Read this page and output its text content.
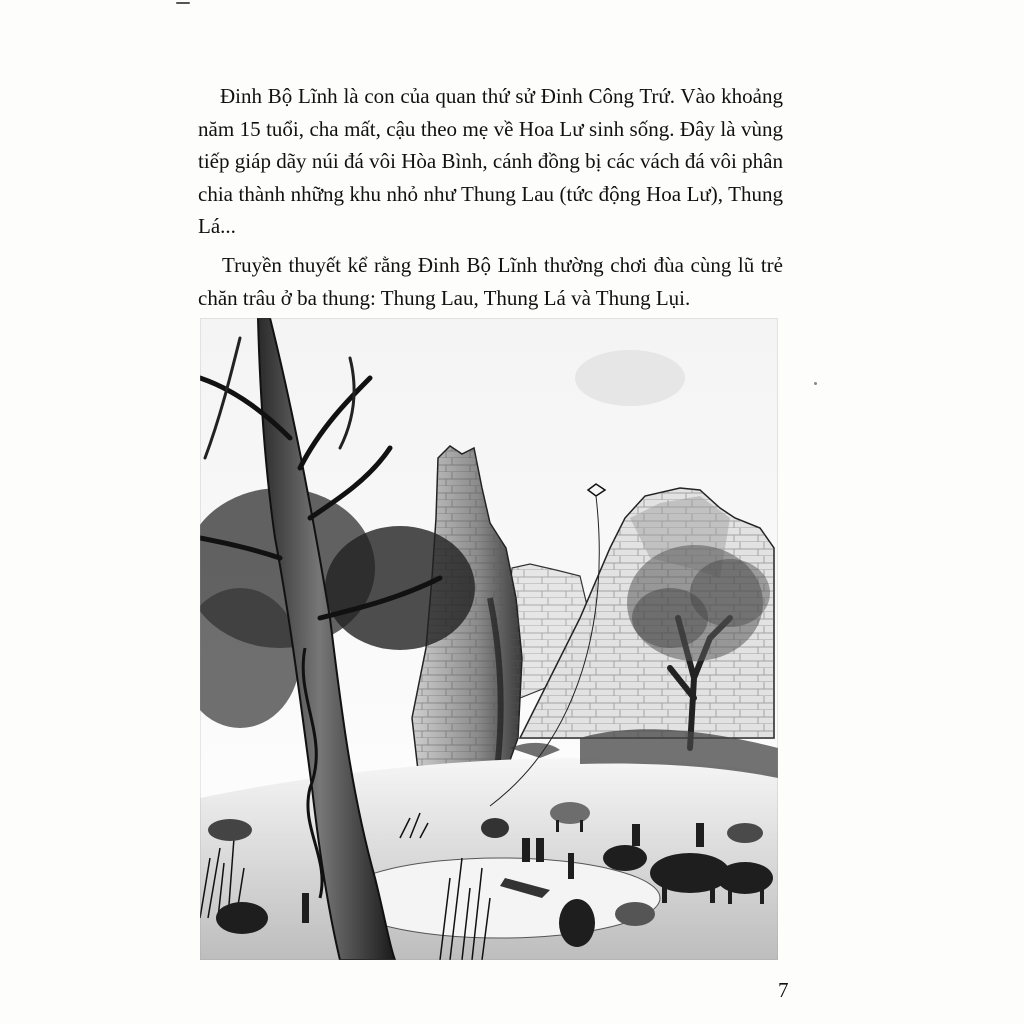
Đinh Bộ Lĩnh là con của quan thứ sử Đinh Công Trứ. Vào khoảng năm 15 tuổi, cha mất, cậu theo mẹ về Hoa Lư sinh sống. Đây là vùng tiếp giáp dãy núi đá vôi Hòa Bình, cánh đồng bị các vách đá vôi phân chia thành những khu nhỏ như Thung Lau (tức động Hoa Lư), Thung Lá...

Truyền thuyết kể rằng Đinh Bộ Lĩnh thường chơi đùa cùng lũ trẻ chăn trâu ở ba thung: Thung Lau, Thung Lá và Thung Lụi.

7
